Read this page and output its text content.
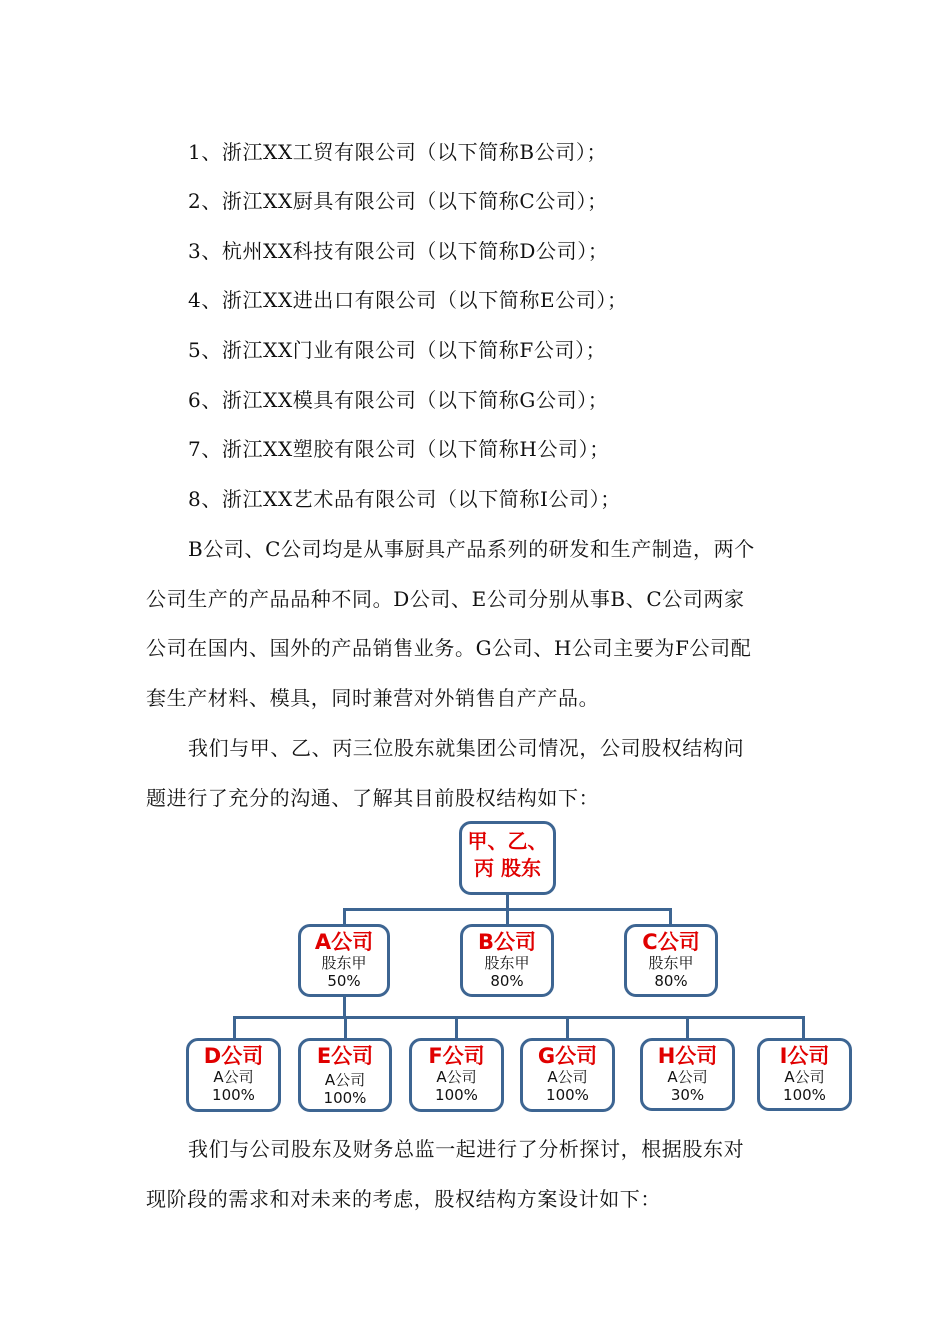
1、浙江XX工贸有限公司（以下简称B公司）；
2、浙江XX厨具有限公司（以下简称C公司）；
3、杭州XX科技有限公司（以下简称D公司）；
4、浙江XX进出口有限公司（以下简称E公司）；
5、浙江XX门业有限公司（以下简称F公司）；
6、浙江XX模具有限公司（以下简称G公司）；
7、浙江XX塑胶有限公司（以下简称H公司）；
8、浙江XX艺术品有限公司（以下简称I公司）；
B公司、C公司均是从事厨具产品系列的研发和生产制造，两个
公司生产的产品品种不同。D公司、E公司分别从事B、C公司两家
公司在国内、国外的产品销售业务。G公司、H公司主要为F公司配
套生产材料、模具，同时兼营对外销售自产产品。
我们与甲、乙、丙三位股东就集团公司情况，公司股权结构问
题进行了充分的沟通、了解其目前股权结构如下：
甲、乙、
丙 股东
A公司
股东甲
50%
B公司
股东甲
80%
C公司
股东甲
80%
D公司
A公司
100%
E公司
A公司
100%
F公司
A公司
100%
G公司
A公司
100%
H公司
A公司
30%
I公司
A公司
100%
我们与公司股东及财务总监一起进行了分析探讨，根据股东对
现阶段的需求和对未来的考虑，股权结构方案设计如下：
